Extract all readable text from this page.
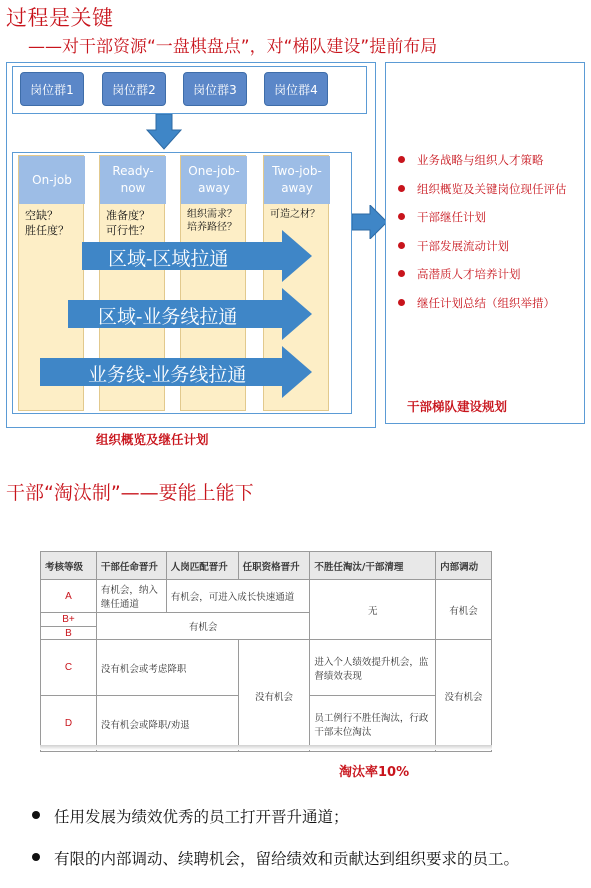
过程是关键
——对干部资源“一盘棋盘点”，对“梯队建设”提前布局
岗位群1	岗位群2	岗位群3	岗位群4
On-job
空缺？
胜任度？
Ready-
now
准备度？
可行性？
One-job-
away
组织需求？
培养路径？
Two-job-
away
可造之材？
区域-区域拉通
区域-业务线拉通
业务线-业务线拉通
业务战略与组织人才策略
组织概览及关键岗位现任评估
干部继任计划
干部发展流动计划
高潜质人才培养计划
继任计划总结（组织举措）
干部梯队建设规划
组织概览及继任计划
干部“淘汰制”——要能上能下
考核等级	干部任命晋升	人岗匹配晋升	任职资格晋升	不胜任淘汰/干部清理	内部调动
A	有机会，纳入继任通道	有机会，可进入成长快速通道		无	有机会
B+	有机会				
B					
C	没有机会或考虑降职		没有机会	进入个人绩效提升机会，监督绩效表现	没有机会
D	没有机会或降职/劝退			员工例行不胜任淘汰，行政干部末位淘汰	
淘汰率10%
任用发展为绩效优秀的员工打开晋升通道；
有限的内部调动、续聘机会，留给绩效和贡献达到组织要求的员工。
